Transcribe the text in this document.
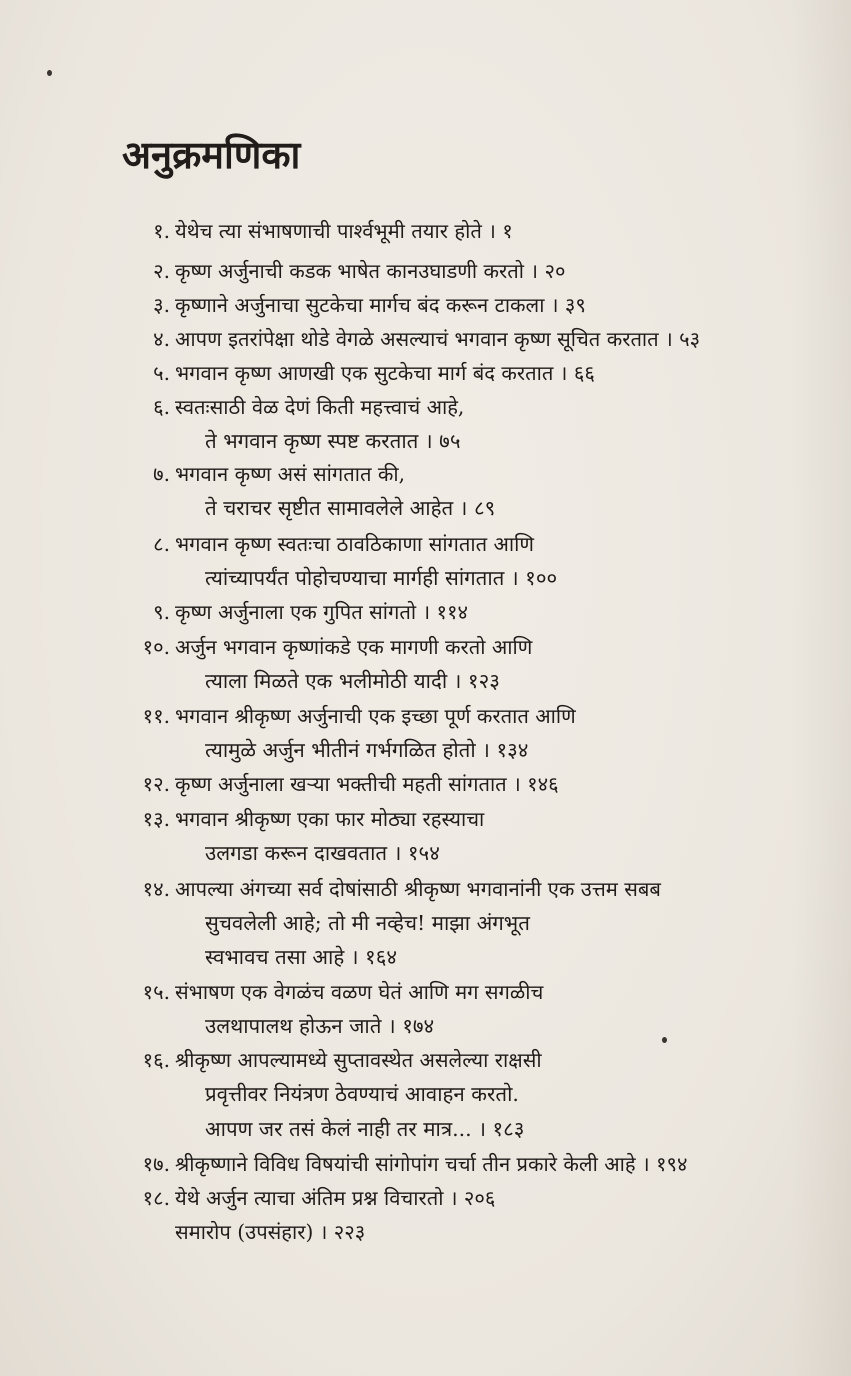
अनुक्रमणिका
१. येथेच त्या संभाषणाची पार्श्वभूमी तयार होते । १
२. कृष्ण अर्जुनाची कडक भाषेत कानउघाडणी करतो । २०
३. कृष्णाने अर्जुनाचा सुटकेचा मार्गच बंद करून टाकला । ३९
४. आपण इतरांपेक्षा थोडे वेगळे असल्याचं भगवान कृष्ण सूचित करतात । ५३
५. भगवान कृष्ण आणखी एक सुटकेचा मार्ग बंद करतात । ६६
६. स्वतःसाठी वेळ देणं किती महत्त्वाचं आहे,
ते भगवान कृष्ण स्पष्ट करतात । ७५
७. भगवान कृष्ण असं सांगतात की,
ते चराचर सृष्टीत सामावलेले आहेत । ८९
८. भगवान कृष्ण स्वतःचा ठावठिकाणा सांगतात आणि
त्यांच्यापर्यंत पोहोचण्याचा मार्गही सांगतात । १००
९. कृष्ण अर्जुनाला एक गुपित सांगतो । ११४
१०. अर्जुन भगवान कृष्णांकडे एक मागणी करतो आणि
त्याला मिळते एक भलीमोठी यादी । १२३
११. भगवान श्रीकृष्ण अर्जुनाची एक इच्छा पूर्ण करतात आणि
त्यामुळे अर्जुन भीतीनं गर्भगळित होतो । १३४
१२. कृष्ण अर्जुनाला खऱ्या भक्तीची महती सांगतात । १४६
१३. भगवान श्रीकृष्ण एका फार मोठ्या रहस्याचा
उलगडा करून दाखवतात । १५४
१४. आपल्या अंगच्या सर्व दोषांसाठी श्रीकृष्ण भगवानांनी एक उत्तम सबब
सुचवलेली आहे; तो मी नव्हेच! माझा अंगभूत
स्वभावच तसा आहे । १६४
१५. संभाषण एक वेगळंच वळण घेतं आणि मग सगळीच
उलथापालथ होऊन जाते । १७४
१६. श्रीकृष्ण आपल्यामध्ये सुप्तावस्थेत असलेल्या राक्षसी
प्रवृत्तीवर नियंत्रण ठेवण्याचं आवाहन करतो.
आपण जर तसं केलं नाही तर मात्र... । १८३
१७. श्रीकृष्णाने विविध विषयांची सांगोपांग चर्चा तीन प्रकारे केली आहे । १९४
१८. येथे अर्जुन त्याचा अंतिम प्रश्न विचारतो । २०६
समारोप (उपसंहार) । २२३
